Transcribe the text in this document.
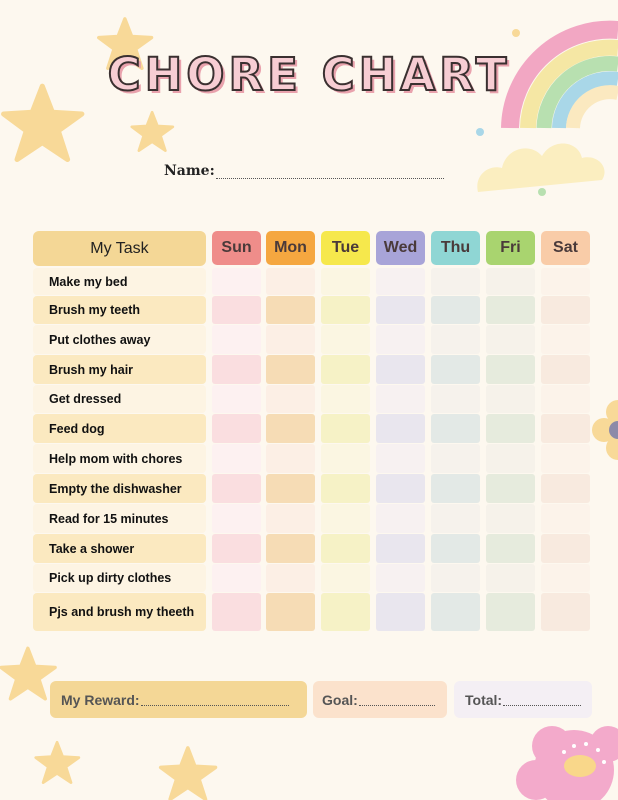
CHORE CHART
Name:
My Task	Sun	Mon	Tue	Wed	Thu	Fri	Sat
Make my bed
Brush my teeth
Put clothes away
Brush my hair
Get dressed
Feed dog
Help mom with chores
Empty the dishwasher
Read for 15 minutes
Take a shower
Pick up dirty clothes
Pjs and brush my theeth
My Reward:	Goal:	Total:
